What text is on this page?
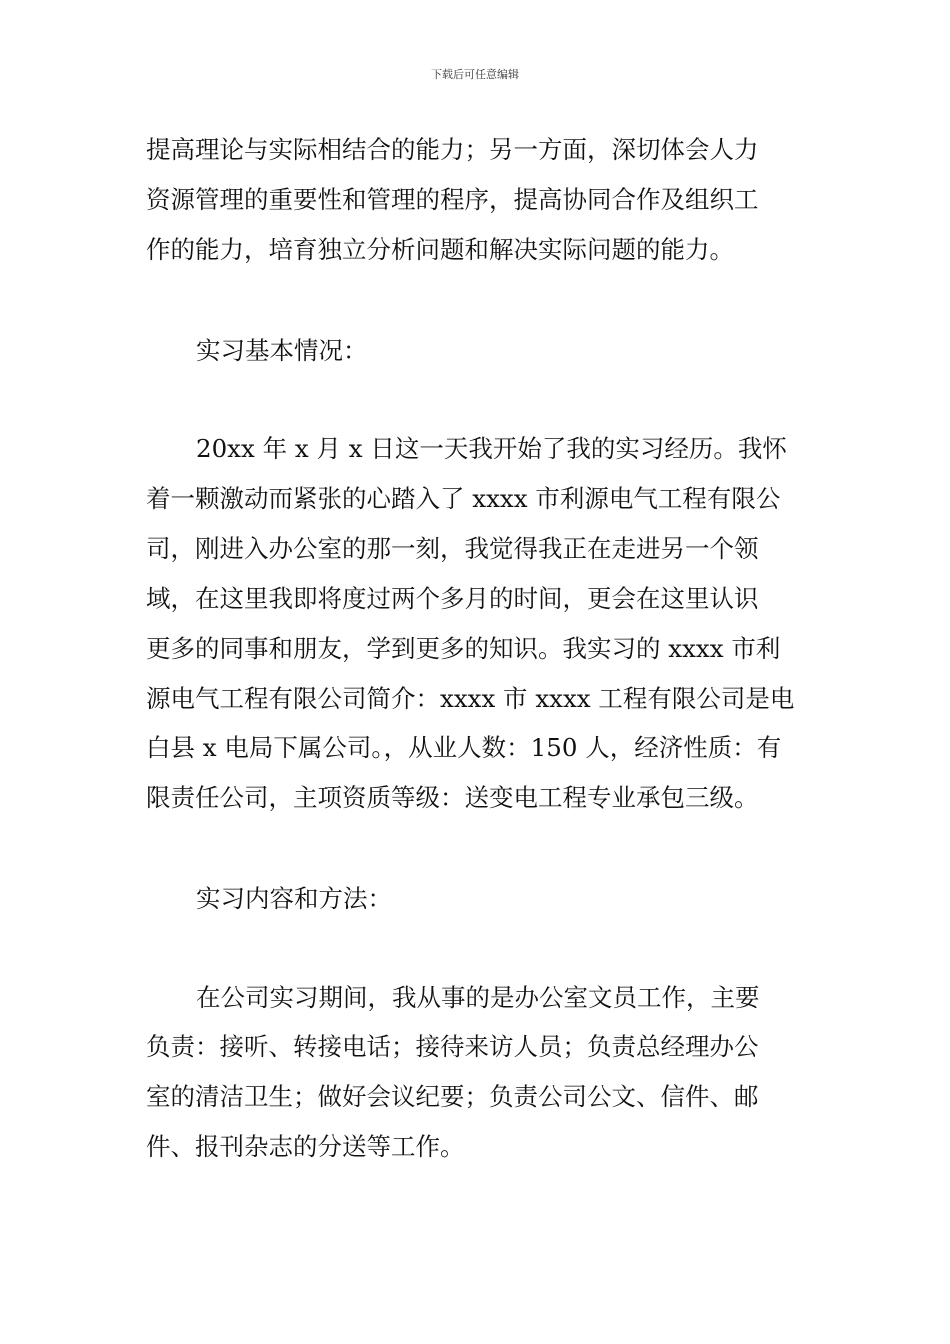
下载后可任意编辑
提高理论与实际相结合的能力；另一方面，深切体会人力
资源管理的重要性和管理的程序，提高协同合作及组织工
作的能力，培育独立分析问题和解决实际问题的能力。
实习基本情况：
20xx 年 x 月 x 日这一天我开始了我的实习经历。我怀
着一颗激动而紧张的心踏入了 xxxx 市利源电气工程有限公
司，刚进入办公室的那一刻，我觉得我正在走进另一个领
域，在这里我即将度过两个多月的时间，更会在这里认识
更多的同事和朋友，学到更多的知识。我实习的 xxxx 市利
源电气工程有限公司简介：xxxx 市 xxxx 工程有限公司是电
白县 x 电局下属公司。，从业人数：150 人，经济性质：有
限责任公司，主项资质等级：送变电工程专业承包三级。
实习内容和方法：
在公司实习期间，我从事的是办公室文员工作，主要
负责：接听、转接电话；接待来访人员；负责总经理办公
室的清洁卫生；做好会议纪要；负责公司公文、信件、邮
件、报刊杂志的分送等工作。
